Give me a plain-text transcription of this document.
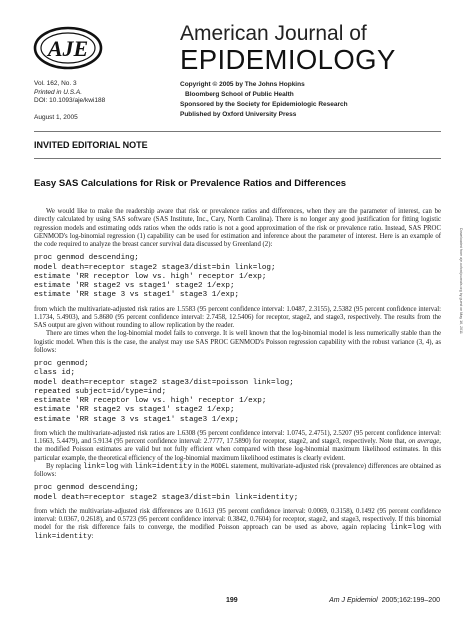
AJE
American Journal of
EPIDEMIOLOGY
Vol. 162, No. 3
Printed in U.S.A.
DOI: 10.1093/aje/kwi188
August 1, 2005
Copyright © 2005 by The Johns Hopkins
Bloomberg School of Public Health
Sponsored by the Society for Epidemiologic Research
Published by Oxford University Press
INVITED EDITORIAL NOTE
Easy SAS Calculations for Risk or Prevalence Ratios and Differences

We would like to make the readership aware that risk or prevalence ratios and differences, when they are the parameter of interest, can be directly calculated by using SAS software (SAS Institute, Inc., Cary, North Carolina). There is no longer any good justification for fitting logistic regression models and estimating odds ratios when the odds ratio is not a good approximation of the risk or prevalence ratio. Instead, SAS PROC GENMOD's log-binomial regression (1) capability can be used for estimation and inference about the parameter of interest. Here is an example of the code required to analyze the breast cancer survival data discussed by Greenland (2):

proc genmod descending;
model death=receptor stage2 stage3/dist=bin link=log;
estimate 'RR receptor low vs. high' receptor 1/exp;
estimate 'RR stage2 vs stage1' stage2 1/exp;
estimate 'RR stage 3 vs stage1' stage3 1/exp;

from which the multivariate-adjusted risk ratios are 1.5583 (95 percent confidence interval: 1.0487, 2.3155), 2.5382 (95 percent confidence interval: 1.1734, 5.4903), and 5.8680 (95 percent confidence interval: 2.7458, 12.5406) for receptor, stage2, and stage3, respectively. The results from the SAS output are given without rounding to allow replication by the reader.

There are times when the log-binomial model fails to converge. It is well known that the log-binomial model is less numerically stable than the logistic model. When this is the case, the analyst may use SAS PROC GENMOD's Poisson regression capability with the robust variance (3, 4), as follows:

proc genmod;
class id;
model death=receptor stage2 stage3/dist=poisson link=log;
repeated subject=id/type=ind;
estimate 'RR receptor low vs. high' receptor 1/exp;
estimate 'RR stage2 vs stage1' stage2 1/exp;
estimate 'RR stage 3 vs stage1' stage3 1/exp;

from which the multivariate-adjusted risk ratios are 1.6308 (95 percent confidence interval: 1.0745, 2.4751), 2.5207 (95 percent confidence interval: 1.1663, 5.4479), and 5.9134 (95 percent confidence interval: 2.7777, 17.5890) for receptor, stage2, and stage3, respectively. Note that, on average, the modified Poisson estimates are valid but not fully efficient when compared with these log-binomial maximum likelihood estimates. In this particular example, the theoretical efficiency of the log-binomial maximum likelihood estimates is clearly evident.

By replacing link=log with link=identity in the MODEL statement, multivariate-adjusted risk (prevalence) differences are obtained as follows:

proc genmod descending;
model death=receptor stage2 stage3/dist=bin link=identity;

from which the multivariate-adjusted risk differences are 0.1613 (95 percent confidence interval: 0.0069, 0.3158), 0.1492 (95 percent confidence interval: 0.0367, 0.2618), and 0.5723 (95 percent confidence interval: 0.3842, 0.7604) for receptor, stage2, and stage3, respectively. If this binomial model for the risk difference fails to converge, the modified Poisson approach can be used as above, again replacing link=log with link=identity:

Downloaded from aje.oxfordjournals.org by guest on May 16, 2011
199	Am J Epidemiol 2005;162:199–200
